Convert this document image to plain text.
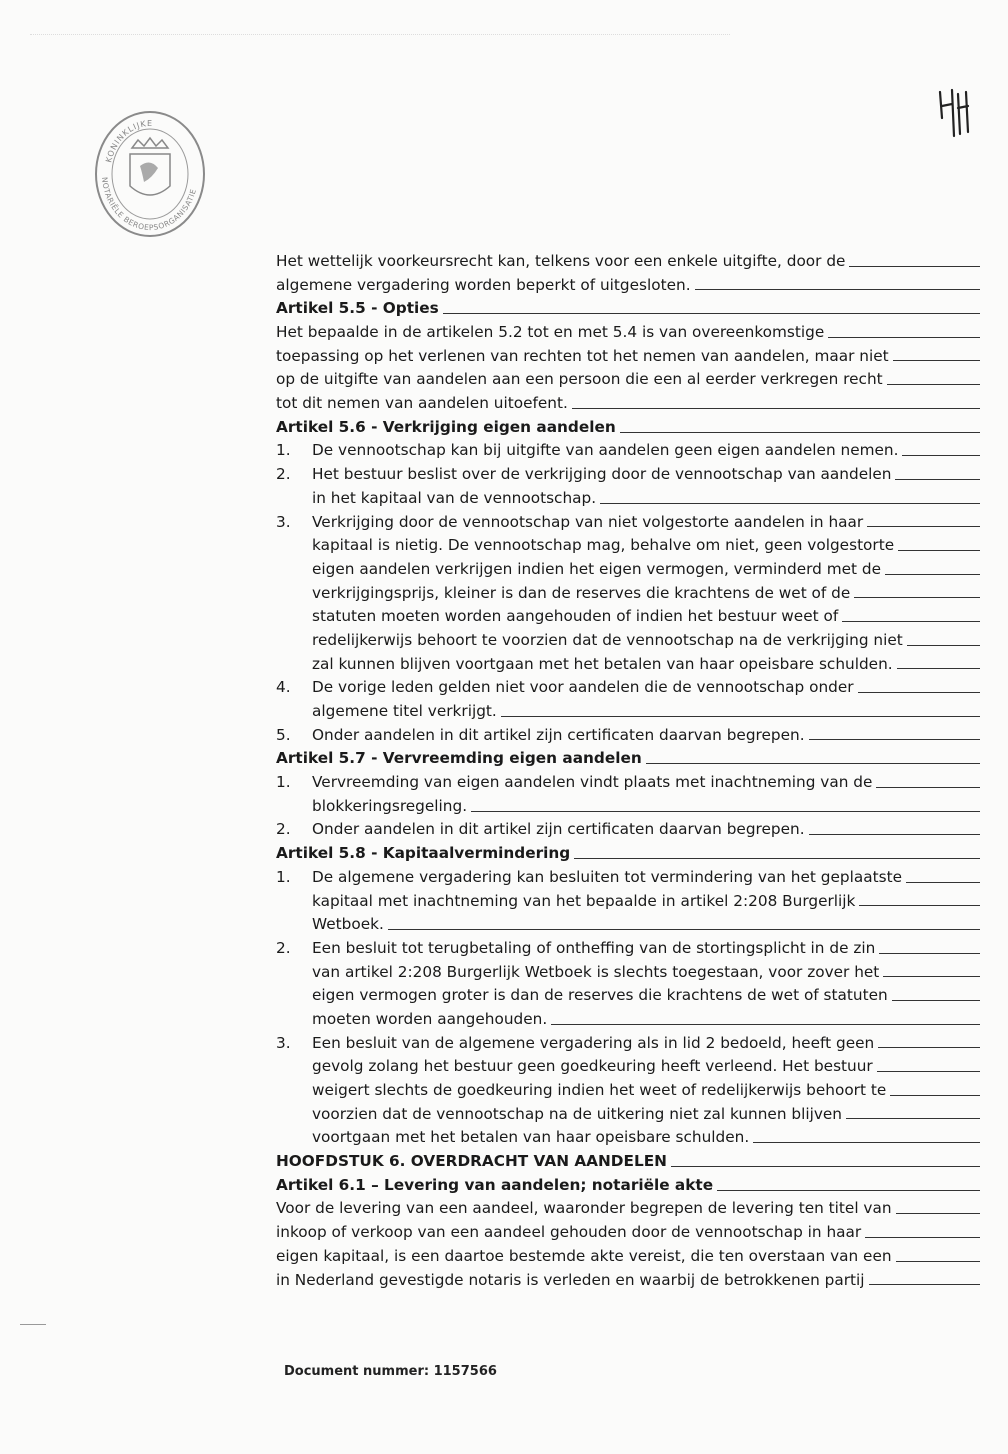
KONINKLIJKE
NOTARIËLE BEROEPSORGANISATIE
Het wettelijk voorkeursrecht kan, telkens voor een enkele uitgifte, door de
algemene vergadering worden beperkt of uitgesloten.
Artikel 5.5 - Opties
Het bepaalde in de artikelen 5.2 tot en met 5.4 is van overeenkomstige
toepassing op het verlenen van rechten tot het nemen van aandelen, maar niet
op de uitgifte van aandelen aan een persoon die een al eerder verkregen recht
tot dit nemen van aandelen uitoefent.
Artikel 5.6 - Verkrijging eigen aandelen
1.	De vennootschap kan bij uitgifte van aandelen geen eigen aandelen nemen.
2.	Het bestuur beslist over de verkrijging door de vennootschap van aandelen
in het kapitaal van de vennootschap.
3.	Verkrijging door de vennootschap van niet volgestorte aandelen in haar
kapitaal is nietig. De vennootschap mag, behalve om niet, geen volgestorte
eigen aandelen verkrijgen indien het eigen vermogen, verminderd met de
verkrijgingsprijs, kleiner is dan de reserves die krachtens de wet of de
statuten moeten worden aangehouden of indien het bestuur weet of
redelijkerwijs behoort te voorzien dat de vennootschap na de verkrijging niet
zal kunnen blijven voortgaan met het betalen van haar opeisbare schulden.
4.	De vorige leden gelden niet voor aandelen die de vennootschap onder
algemene titel verkrijgt.
5.	Onder aandelen in dit artikel zijn certificaten daarvan begrepen.
Artikel 5.7 - Vervreemding eigen aandelen
1.	Vervreemding van eigen aandelen vindt plaats met inachtneming van de
blokkeringsregeling.
2.	Onder aandelen in dit artikel zijn certificaten daarvan begrepen.
Artikel 5.8 - Kapitaalvermindering
1.	De algemene vergadering kan besluiten tot vermindering van het geplaatste
kapitaal met inachtneming van het bepaalde in artikel 2:208 Burgerlijk
Wetboek.
2.	Een besluit tot terugbetaling of ontheffing van de stortingsplicht in de zin
van artikel 2:208 Burgerlijk Wetboek is slechts toegestaan, voor zover het
eigen vermogen groter is dan de reserves die krachtens de wet of statuten
moeten worden aangehouden.
3.	Een besluit van de algemene vergadering als in lid 2 bedoeld, heeft geen
gevolg zolang het bestuur geen goedkeuring heeft verleend. Het bestuur
weigert slechts de goedkeuring indien het weet of redelijkerwijs behoort te
voorzien dat de vennootschap na de uitkering niet zal kunnen blijven
voortgaan met het betalen van haar opeisbare schulden.
HOOFDSTUK 6. OVERDRACHT VAN AANDELEN
Artikel 6.1 – Levering van aandelen; notariële akte
Voor de levering van een aandeel, waaronder begrepen de levering ten titel van
inkoop of verkoop van een aandeel gehouden door de vennootschap in haar
eigen kapitaal, is een daartoe bestemde akte vereist, die ten overstaan van een
in Nederland gevestigde notaris is verleden en waarbij de betrokkenen partij
Document nummer: 1157566
